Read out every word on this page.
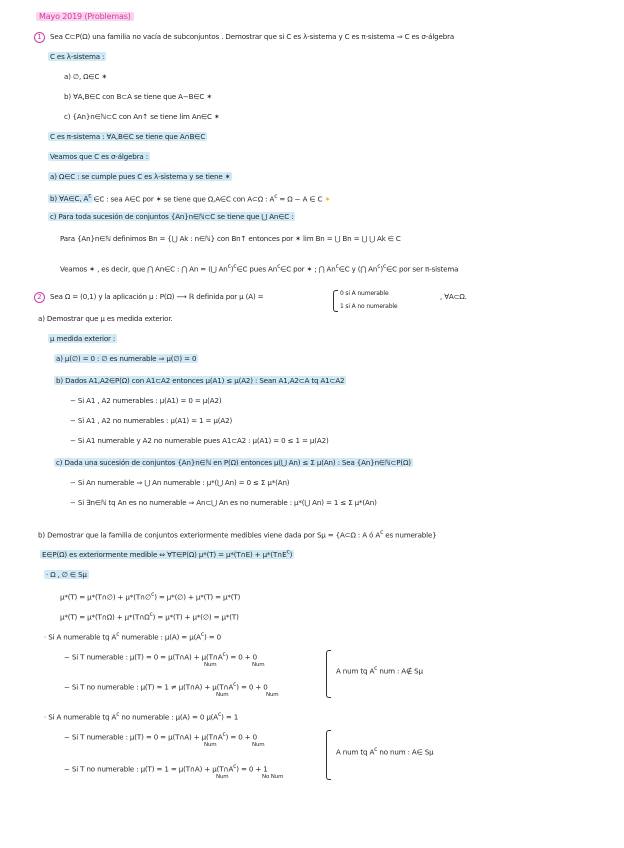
Mayo 2019 (Problemas)
1	Sea C⊂P(Ω) una familia no vacía de subconjuntos . Demostrar que si C es λ-sistema y C es π-sistema ⇒ C es σ-álgebra
C es λ-sistema :
a) ∅, Ω∈C ✶
b) ∀A,B∈C con B⊂A se tiene que A−B∈C ✶
c) {An}n∈ℕ⊂C con An↑ se tiene lim An∈C ✶
C es π-sistema : ∀A,B∈C se tiene que A∩B∈C
Veamos que C es σ-álgebra :
a) Ω∈C : se cumple pues C es λ-sistema y se tiene ✶
b) ∀A∈C, $A^c$ ∈C : sea A∈C por ✶ se tiene que Ω,A∈C con A⊂Ω : $A^c = \Omega - A$ ∈ C ✶
c) Para toda sucesión de conjuntos {An}n∈ℕ⊂C se tiene que ⋃ An∈C :
Para {An}n∈ℕ definimos Bn = {⋃ Ak : n∈ℕ} con Bn↑ entonces por ✶ lim Bn = ⋃ Bn = ⋃ ⋃ Ak ∈ C
Veamos ✶ , es decir, que ⋂ An∈C : ⋂ An = (⋃ An$^c$)$^c$∈C pues An$^c$∈C por ✶ ; ⋂ An$^c$∈C y (⋂ An$^c$)$^c$∈C por ser π-sistema
2	Sea Ω = (0,1) y la aplicación μ : P(Ω) ⟶ ℝ definida por μ (A) =	0 si A numerable
1 si A no numerable
, ∀A⊂Ω.
a) Demostrar que μ es medida exterior.
μ medida exterior :
a) μ(∅) = 0 : ∅ es numerable ⇒ μ(∅) = 0
b) Dados A1,A2∈P(Ω) con A1⊂A2 entonces μ(A1) ≤ μ(A2) : Sean A1,A2⊂A tq A1⊂A2
− Si A1 , A2 numerables : μ(A1) = 0 = μ(A2)
− Si A1 , A2 no numerables : μ(A1) = 1 = μ(A2)
− Si A1 numerable y A2 no numerable pues A1⊂A2 : μ(A1) = 0 ≤ 1 = μ(A2)
c) Dada una sucesión de conjuntos {An}n∈ℕ en P(Ω) entonces μ(⋃ An) ≤ Σ μ(An) : Sea {An}n∈ℕ⊂P(Ω)
− Si An numerable ⇒ ⋃ An numerable : μ*(⋃ An) = 0 ≤ Σ μ*(An)
− Si ∃n∈ℕ tq An es no numerable ⇒ An⊂⋃ An es no numerable : μ*(⋃ An) = 1 ≤ Σ μ*(An)
b) Demostrar que la familia de conjuntos exteriormente medibles viene dada por Sμ = {A⊂Ω : A ó $A^c$ es numerable}
E∈P(Ω) es exteriormente medible ⇔ ∀T∈P(Ω) μ*(T) = μ*(T∩E) + $\mu*(T\cap E^c)$
· Ω , ∅ ∈ Sμ
μ*(T) = μ*(T∩∅) + μ*(T∩∅$^c$) = μ*(∅) + μ*(T) = μ*(T)
μ*(T) = μ*(T∩Ω) + $\mu*(T\cap\Omega^c) = \mu*(T)$ + μ*(∅) = μ*(T)
· Si A numerable tq $A^c$ numerable : $\mu(A) = \mu(A^c) = 0$
− Si T numerable : μ(T) = 0 = μ(T∩A) + $\mu(T\cap A^c) = 0 + 0$
Num	Num
− Si T no numerable : μ(T) = 1 ≠ μ(T∩A) + $\mu(T\cap A^c) = 0 + 0$
Num	Num
A num tq $A^c$ num : A∉ Sμ
· Si A numerable tq $A^c$ no numerable : μ(A) = 0 $\mu(A^c) = 1$
− Si T numerable : μ(T) = 0 = μ(T∩A) + $\mu(T\cap A^c) = 0 + 0$
Num	Num
− Si T no numerable : μ(T) = 1 = μ(T∩A) + $\mu(T\cap A^c) = 0 + 1$
Num	No Num
A num tq $A^c$ no num : A∈ Sμ
